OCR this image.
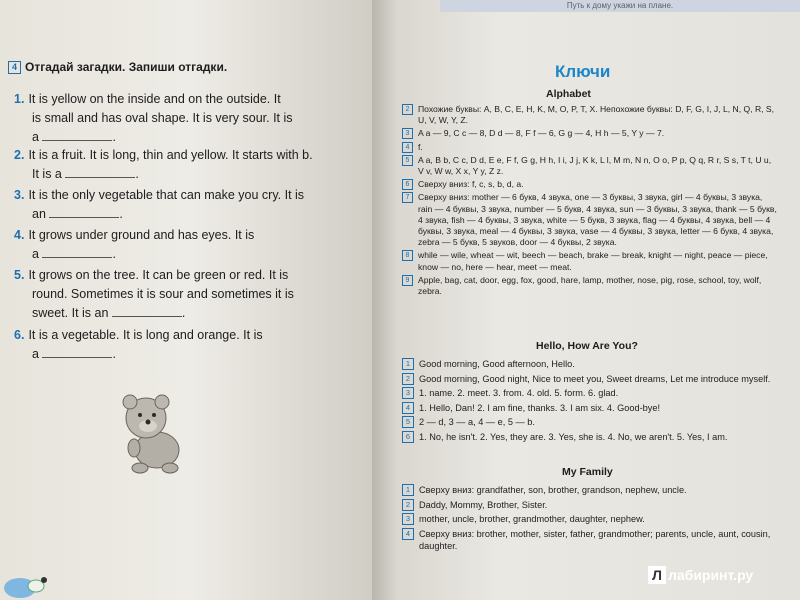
Путь к дому укажи на плане.
4 Отгадай загадки. Запиши отгадки.
1. It is yellow on the inside and on the outside. It
is small and has oval shape. It is very sour. It is
a	.
2. It is a fruit. It is long, thin and yellow. It starts with b.
It is a	.
3. It is the only vegetable that can make you cry. It is
an	.
4. It grows under ground and has eyes. It is
a	.
5. It grows on the tree. It can be green or red. It is
round. Sometimes it is sour and sometimes it is
sweet. It is an	.
6. It is a vegetable. It is long and orange. It is
a	.
Ключи
Alphabet
2 Похожие буквы: A, B, C, E, H, K, M, O, P, T, X. Непохожие буквы: D, F, G, I, J, L, N, Q, R, S, U, V, W, Y, Z.
3 A a — 9, C c — 8, D d — 8, F f — 6, G g — 4, H h — 5, Y y — 7.
4 f.
5 A a, B b, C c, D d, E e, F f, G g, H h, I i, J j, K k, L l, M m, N n, O o, P p, Q q, R r, S s, T t, U u, V v, W w, X x, Y y, Z z.
6 Сверху вниз: f, c, s, b, d, a.
7 Сверху вниз: mother — 6 букв, 4 звука, one — 3 буквы, 3 звука, girl — 4 буквы, 3 звука, rain — 4 буквы, 3 звука, number — 5 букв, 4 звука, sun — 3 буквы, 3 звука, thank — 5 букв, 4 звука, fish — 4 буквы, 3 звука, white — 5 букв, 3 звука, flag — 4 буквы, 4 звука, bell — 4 буквы, 3 звука, meal — 4 буквы, 3 звука, vase — 4 буквы, 3 звука, letter — 6 букв, 4 звука, zebra — 5 букв, 5 звуков, door — 4 буквы, 2 звука.
8 while — wile, wheat — wit, beech — beach, brake — break, knight — night, peace — piece, know — no, here — hear, meet — meat.
9 Apple, bag, cat, door, egg, fox, good, hare, lamp, mother, nose, pig, rose, school, toy, wolf, zebra.
Hello, How Are You?
1 Good morning, Good afternoon, Hello.
2 Good morning, Good night, Nice to meet you, Sweet dreams, Let me introduce myself.
3 1. name. 2. meet. 3. from. 4. old. 5. form. 6. glad.
4 1. Hello, Dan! 2. I am fine, thanks. 3. I am six. 4. Good-bye!
5 2 — d, 3 — a, 4 — e, 5 — b.
6 1. No, he isn't. 2. Yes, they are. 3. Yes, she is. 4. No, we aren't. 5. Yes, I am.
My Family
1 Сверху вниз: grandfather, son, brother, grandson, nephew, uncle.
2 Daddy, Mommy, Brother, Sister.
3 mother, uncle, brother, grandmother, daughter, nephew.
4 Сверху вниз: brother, mother, sister, father, grandmother; parents, uncle, aunt, cousin, daughter.
Л лабиринт.ру
